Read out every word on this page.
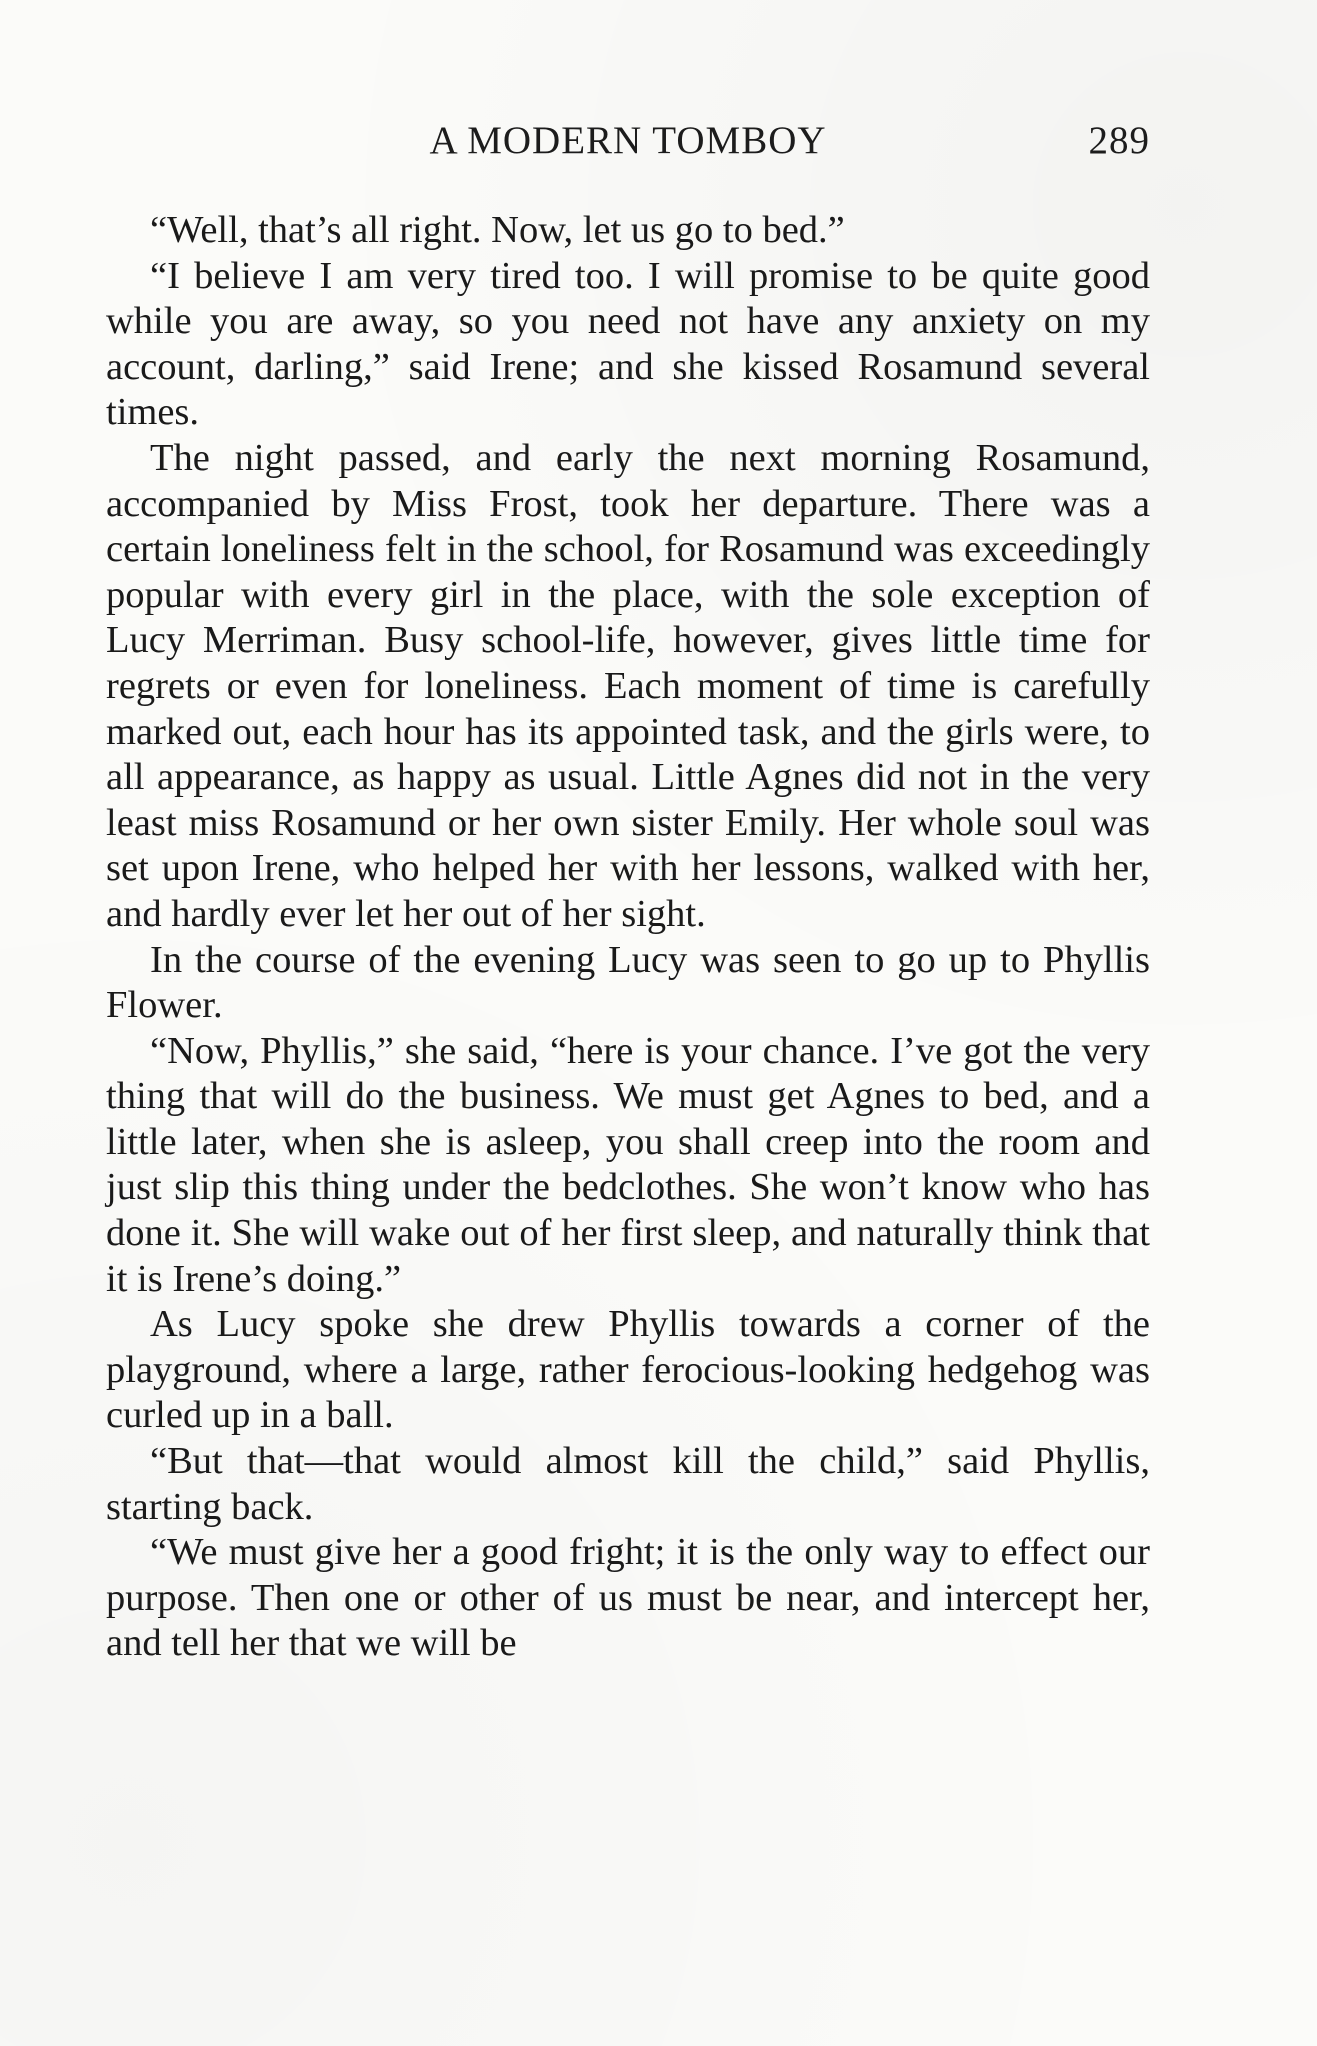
A MODERN TOMBOY	289

“Well, that’s all right. Now, let us go to bed.”

“I believe I am very tired too. I will promise to be quite good while you are away, so you need not have any anxiety on my account, darling,” said Irene; and she kissed Rosamund several times.

The night passed, and early the next morning Rosamund, accompanied by Miss Frost, took her departure. There was a certain loneliness felt in the school, for Rosamund was exceedingly popular with every girl in the place, with the sole exception of Lucy Merriman. Busy school-life, however, gives little time for regrets or even for loneliness. Each moment of time is carefully marked out, each hour has its appointed task, and the girls were, to all appearance, as happy as usual. Little Agnes did not in the very least miss Rosamund or her own sister Emily. Her whole soul was set upon Irene, who helped her with her lessons, walked with her, and hardly ever let her out of her sight.

In the course of the evening Lucy was seen to go up to Phyllis Flower.

“Now, Phyllis,” she said, “here is your chance. I’ve got the very thing that will do the business. We must get Agnes to bed, and a little later, when she is asleep, you shall creep into the room and just slip this thing under the bedclothes. She won’t know who has done it. She will wake out of her first sleep, and naturally think that it is Irene’s doing.”

As Lucy spoke she drew Phyllis towards a corner of the playground, where a large, rather ferocious-looking hedgehog was curled up in a ball.

“But that—that would almost kill the child,” said Phyllis, starting back.

“We must give her a good fright; it is the only way to effect our purpose. Then one or other of us must be near, and intercept her, and tell her that we will be
